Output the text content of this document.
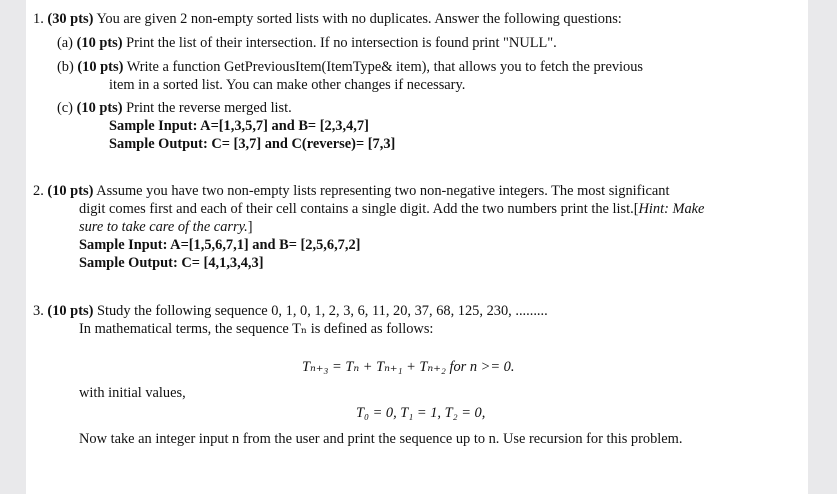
1. (30 pts) You are given 2 non-empty sorted lists with no duplicates. Answer the following questions:
(a) (10 pts) Print the list of their intersection. If no intersection is found print "NULL".
(b) (10 pts) Write a function GetPreviousItem(ItemType& item), that allows you to fetch the previous
item in a sorted list. You can make other changes if necessary.
(c) (10 pts) Print the reverse merged list.
Sample Input: A=[1,3,5,7] and B= [2,3,4,7]
Sample Output: C= [3,7] and C(reverse)= [7,3]
2. (10 pts) Assume you have two non-empty lists representing two non-negative integers. The most significant
digit comes first and each of their cell contains a single digit. Add the two numbers print the list.[Hint: Make
sure to take care of the carry.]
Sample Input: A=[1,5,6,7,1] and B= [2,5,6,7,2]
Sample Output: C= [4,1,3,4,3]
3. (10 pts) Study the following sequence 0, 1, 0, 1, 2, 3, 6, 11, 20, 37, 68, 125, 230, .........
In mathematical terms, the sequence Tₙ is defined as follows:
Tₙ₊₃ = Tₙ + Tₙ₊₁ + Tₙ₊₂ for n >= 0.
with initial values,
T₀ = 0, T₁ = 1, T₂ = 0,
Now take an integer input n from the user and print the sequence up to n. Use recursion for this problem.
